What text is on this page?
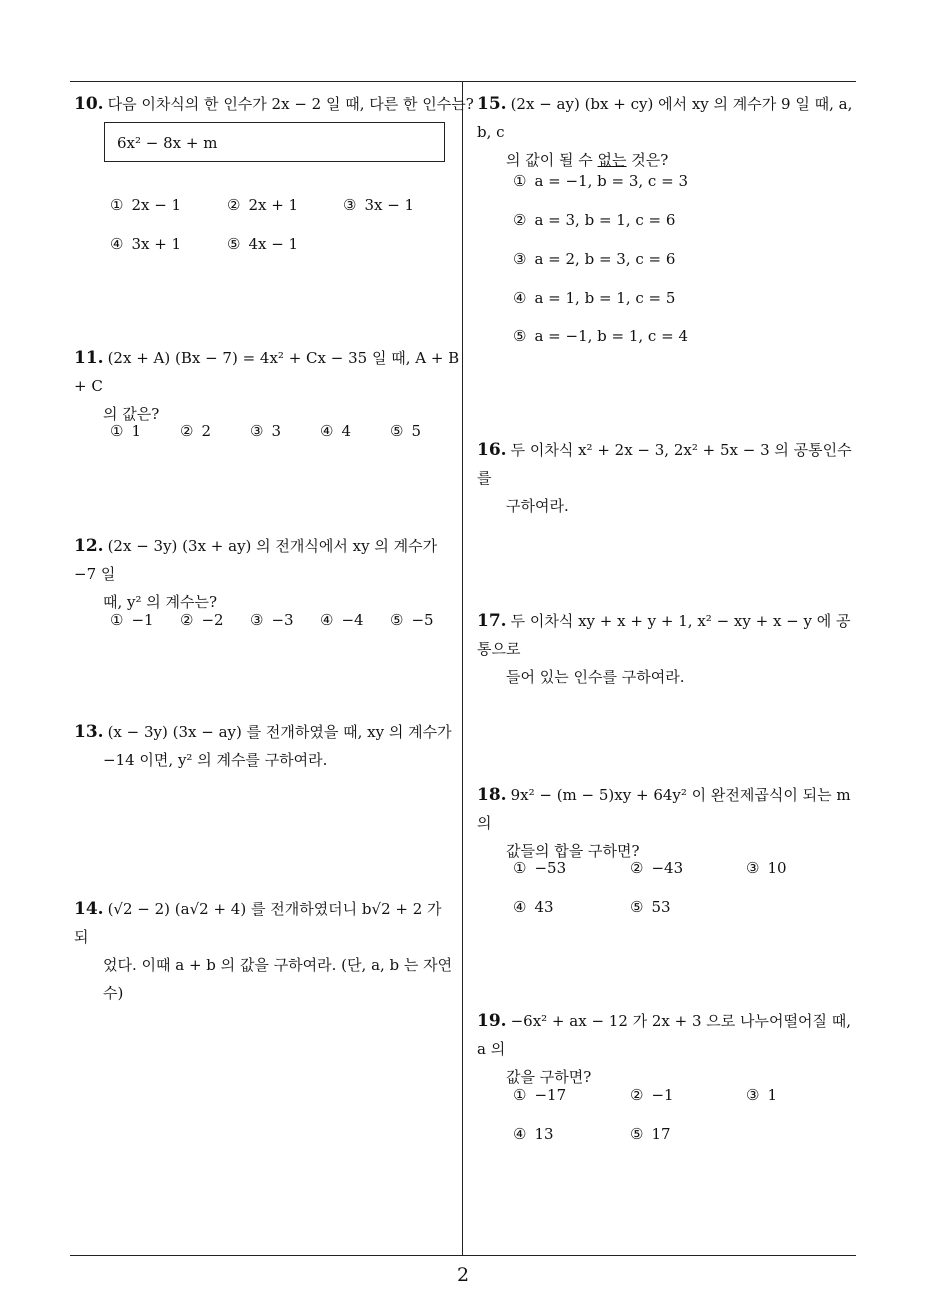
10. 다음 이차식의 한 인수가 2x − 2 일 때, 다른 한 인수는?
6x² − 8x + m
① 2x − 1	② 2x + 1	③ 3x − 1
④ 3x + 1	⑤ 4x − 1
11. (2x + A) (Bx − 7) = 4x² + Cx − 35 일 때, A + B + C
의 값은?
① 1	② 2	③ 3	④ 4	⑤ 5
12. (2x − 3y) (3x + ay) 의 전개식에서 xy 의 계수가 −7 일
때, y² 의 계수는?
① −1 ② −2 ③ −3 ④ −4 ⑤ −5
13. (x − 3y) (3x − ay) 를 전개하였을 때, xy 의 계수가
−14 이면, y² 의 계수를 구하여라.
14. (√2 − 2) (a√2 + 4) 를 전개하였더니 b√2 + 2 가 되
었다. 이때 a + b 의 값을 구하여라. (단, a, b 는 자연
수)
15. (2x − ay) (bx + cy) 에서 xy 의 계수가 9 일 때, a, b, c
의 값이 될 수 없는 것은?
① a = −1, b = 3, c = 3
② a = 3, b = 1, c = 6
③ a = 2, b = 3, c = 6
④ a = 1, b = 1, c = 5
⑤ a = −1, b = 1, c = 4
16. 두 이차식 x² + 2x − 3, 2x² + 5x − 3 의 공통인수를
구하여라.
17. 두 이차식 xy + x + y + 1, x² − xy + x − y 에 공통으로
들어 있는 인수를 구하여라.
18. 9x² − (m − 5)xy + 64y² 이 완전제곱식이 되는 m 의
값들의 합을 구하면?
① −53	② −43	③ 10
④ 43	⑤ 53
19. −6x² + ax − 12 가 2x + 3 으로 나누어떨어질 때, a 의
값을 구하면?
① −17	② −1	③ 1
④ 13	⑤ 17
2
